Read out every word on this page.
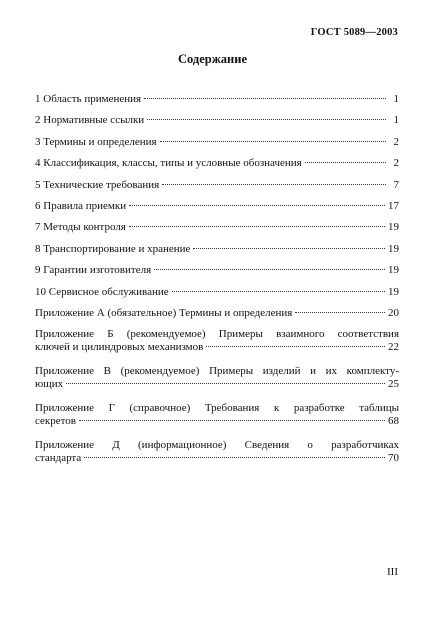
ГОСТ 5089—2003
Содержание
1 Область применения	1
2 Нормативные ссылки	1
3 Термины и определения	2
4 Классификация, классы, типы и условные обозначения	2
5 Технические требования	7
6 Правила приемки	17
7 Методы контроля	19
8 Транспортирование и хранение	19
9 Гарантии изготовителя	19
10 Сервисное обслуживание	19
Приложение А (обязательное) Термины и определения	20
Приложение Б (рекомендуемое) Примеры взаимного соответствия
ключей и цилиндровых механизмов	22
Приложение В (рекомендуемое) Примеры изделий и их комплекту-
ющих	25
Приложение Г (справочное) Требования к разработке таблицы
секретов	68
Приложение Д (информационное) Сведения о разработчиках
стандарта	70
III
